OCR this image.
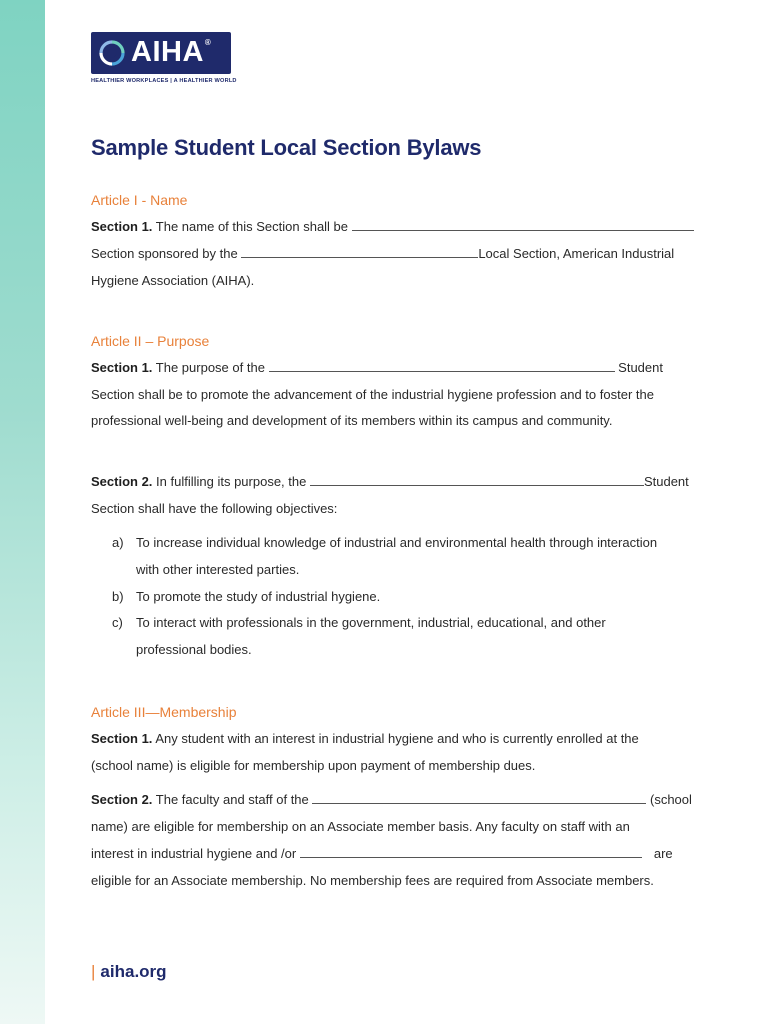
AIHA®
HEALTHIER WORKPLACES | A HEALTHIER WORLD
Sample Student Local Section Bylaws
Article I - Name
Section 1. The name of this Section shall be
Section sponsored by the	Local Section, American Industrial
Hygiene Association (AIHA).
Article II – Purpose
Section 1. The purpose of the	Student
Section shall be to promote the advancement of the industrial hygiene profession and to foster the
professional well-being and development of its members within its campus and community.
Section 2. In fulfilling its purpose, the	Student
Section shall have the following objectives:
a) To increase individual knowledge of industrial and environmental health through interaction
with other interested parties.
b) To promote the study of industrial hygiene.
c) To interact with professionals in the government, industrial, educational, and other
professional bodies.
Article III—Membership
Section 1. Any student with an interest in industrial hygiene and who is currently enrolled at the
(school name) is eligible for membership upon payment of membership dues.
Section 2. The faculty and staff of the	(school
name) are eligible for membership on an Associate member basis. Any faculty on staff with an
interest in industrial hygiene and /or	are
eligible for an Associate membership. No membership fees are required from Associate members.
| aiha.org
